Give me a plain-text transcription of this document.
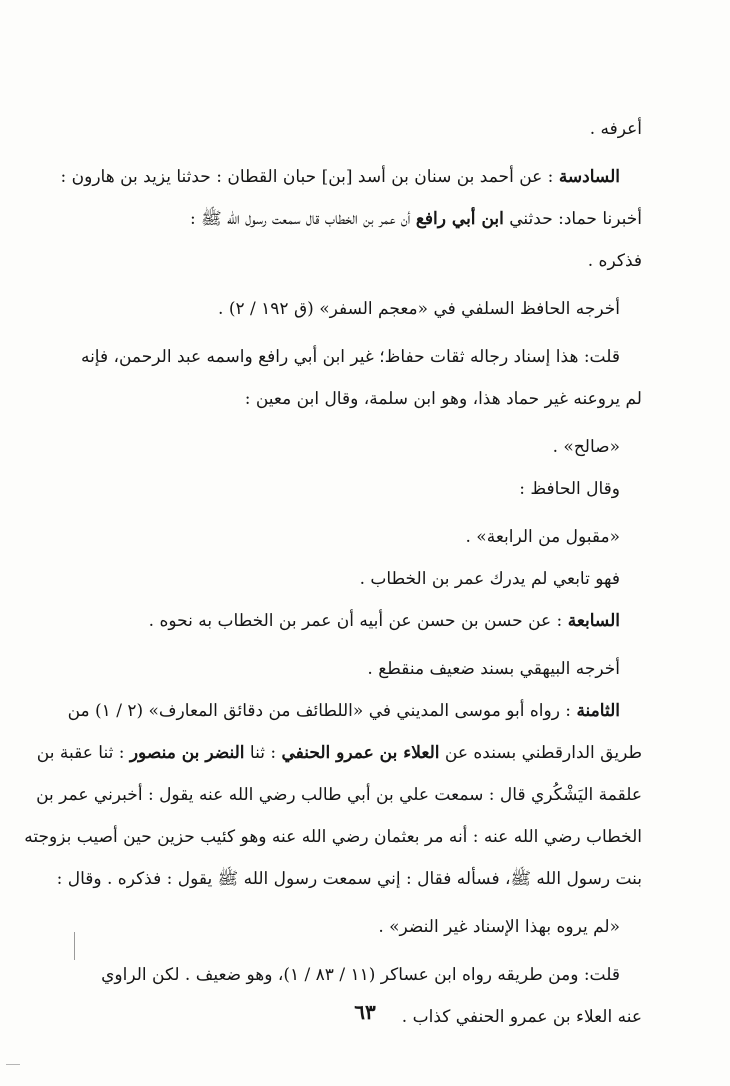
أعرفه .
السادسة : عن أحمد بن سنان بن أسد [بن] حبان القطان : حدثنا يزيد بن هارون :
أخبرنا حماد: حدثني ابن أبي رافع أن عمر بن الخطاب قال سمعت رسول الله ﷺ :
فذكره .
أخرجه الحافظ السلفي في «معجم السفر» (ق ١٩٢ / ٢) .
قلت: هذا إسناد رجاله ثقات حفاظ؛ غير ابن أبي رافع واسمه عبد الرحمن، فإنه
لم يروعنه غير حماد هذا، وهو ابن سلمة، وقال ابن معين :
«صالح» .
وقال الحافظ :
«مقبول من الرابعة» .
فهو تابعي لم يدرك عمر بن الخطاب .
السابعة : عن حسن بن حسن عن أبيه أن عمر بن الخطاب به نحوه .
أخرجه البيهقي بسند ضعيف منقطع .
الثامنة : رواه أبو موسى المديني في «اللطائف من دقائق المعارف» (٢ / ١) من
طريق الدارقطني بسنده عن العلاء بن عمرو الحنفي : ثنا النضر بن منصور : ثنا عقبة بن
علقمة اليَشْكُري قال : سمعت علي بن أبي طالب رضي الله عنه يقول : أخبرني عمر بن
الخطاب رضي الله عنه : أنه مر بعثمان رضي الله عنه وهو كئيب حزين حين أصيب بزوجته
بنت رسول الله ﷺ، فسأله فقال : إني سمعت رسول الله ﷺ يقول : فذكره . وقال :
«لم يروه بهذا الإسناد غير النضر» .
قلت: ومن طريقه رواه ابن عساكر (١١ / ٨٣ / ١)، وهو ضعيف . لكن الراوي
عنه العلاء بن عمرو الحنفي كذاب .
٦٣
